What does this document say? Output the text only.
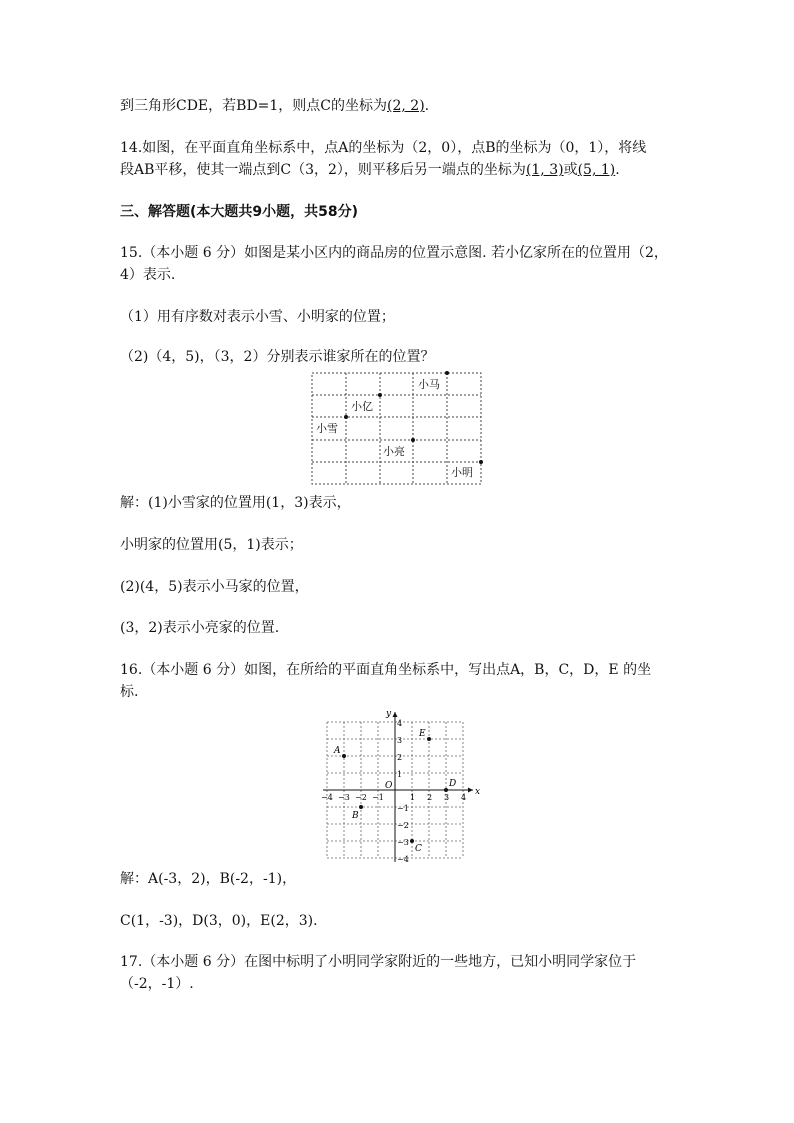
到三角形CDE，若BD=1，则点C的坐标为(2, 2).
14.如图，在平面直角坐标系中，点A的坐标为（2，0），点B的坐标为（0，1），将线
段AB平移，使其一端点到C（3，2），则平移后另一端点的坐标为(1, 3)或(5, 1).
三、解答题(本大题共9小题，共58分)
15.（本小题 6 分）如图是某小区内的商品房的位置示意图. 若小亿家所在的位置用（2，
4）表示.
（1）用有序数对表示小雪、小明家的位置；
（2)（4，5)，（3，2）分别表示谁家所在的位置？
小马
小亿
小雪
小亮
小明
解：(1)小雪家的位置用(1，3)表示，
小明家的位置用(5，1)表示；
(2)(4，5)表示小马家的位置，
(3，2)表示小亮家的位置.
16.（本小题 6 分）如图，在所给的平面直角坐标系中，写出点A，B，C，D，E 的坐
标.
x
y
O
−4 −3 −2 −1	1 2 3 4
4
3
2
1
−1
−2
−3
−4
A
B
C
D
E
解：A(-3，2)，B(-2，-1)，
C(1，-3)，D(3，0)，E(2，3).
17.（本小题 6 分）在图中标明了小明同学家附近的一些地方，已知小明同学家位于
（-2，-1）.
